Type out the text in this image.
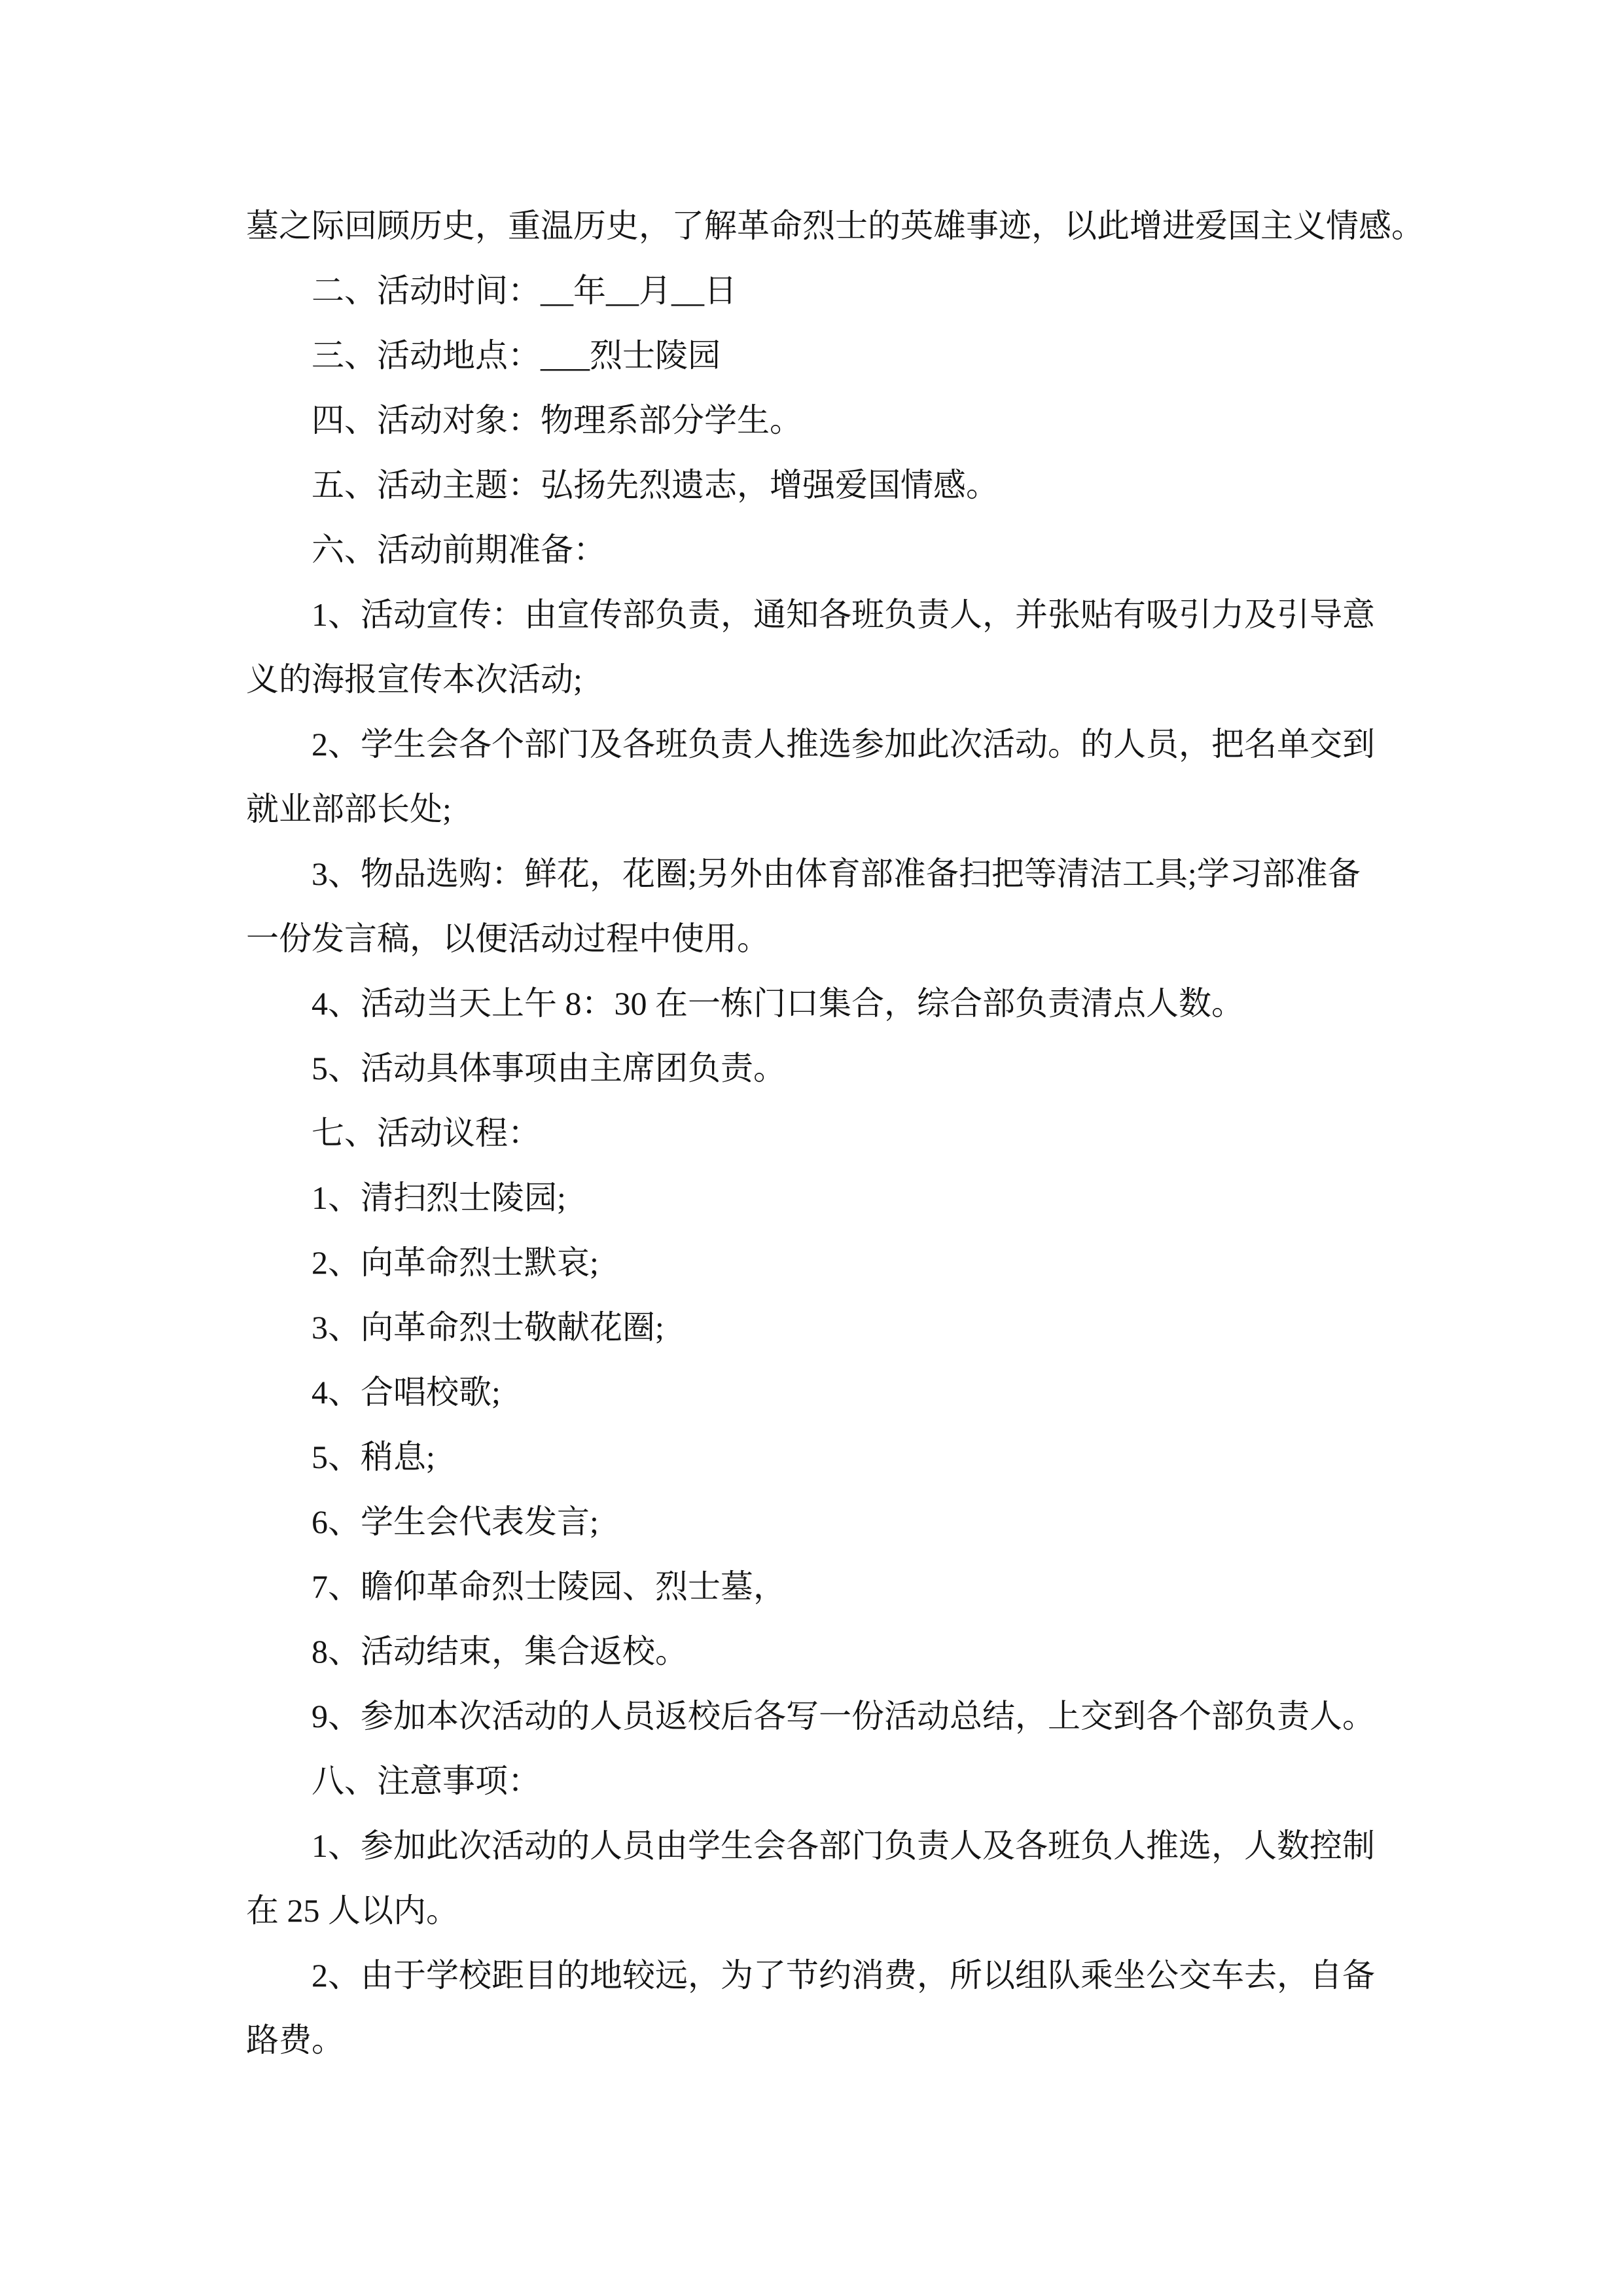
墓之际回顾历史，重温历史，了解革命烈士的英雄事迹，以此增进爱国主义情感。
二、活动时间：__年__月__日
三、活动地点：___烈士陵园
四、活动对象：物理系部分学生。
五、活动主题：弘扬先烈遗志，增强爱国情感。
六、活动前期准备：
1、活动宣传：由宣传部负责，通知各班负责人，并张贴有吸引力及引导意
义的海报宣传本次活动;
2、学生会各个部门及各班负责人推选参加此次活动。的人员，把名单交到
就业部部长处;
3、物品选购：鲜花，花圈;另外由体育部准备扫把等清洁工具;学习部准备
一份发言稿，以便活动过程中使用。
4、活动当天上午 8：30 在一栋门口集合，综合部负责清点人数。
5、活动具体事项由主席团负责。
七、活动议程：
1、清扫烈士陵园;
2、向革命烈士默哀;
3、向革命烈士敬献花圈;
4、合唱校歌;
5、稍息;
6、学生会代表发言;
7、瞻仰革命烈士陵园、烈士墓，
8、活动结束，集合返校。
9、参加本次活动的人员返校后各写一份活动总结，上交到各个部负责人。
八、注意事项：
1、参加此次活动的人员由学生会各部门负责人及各班负人推选，人数控制
在 25 人以内。
2、由于学校距目的地较远，为了节约消费，所以组队乘坐公交车去，自备
路费。
